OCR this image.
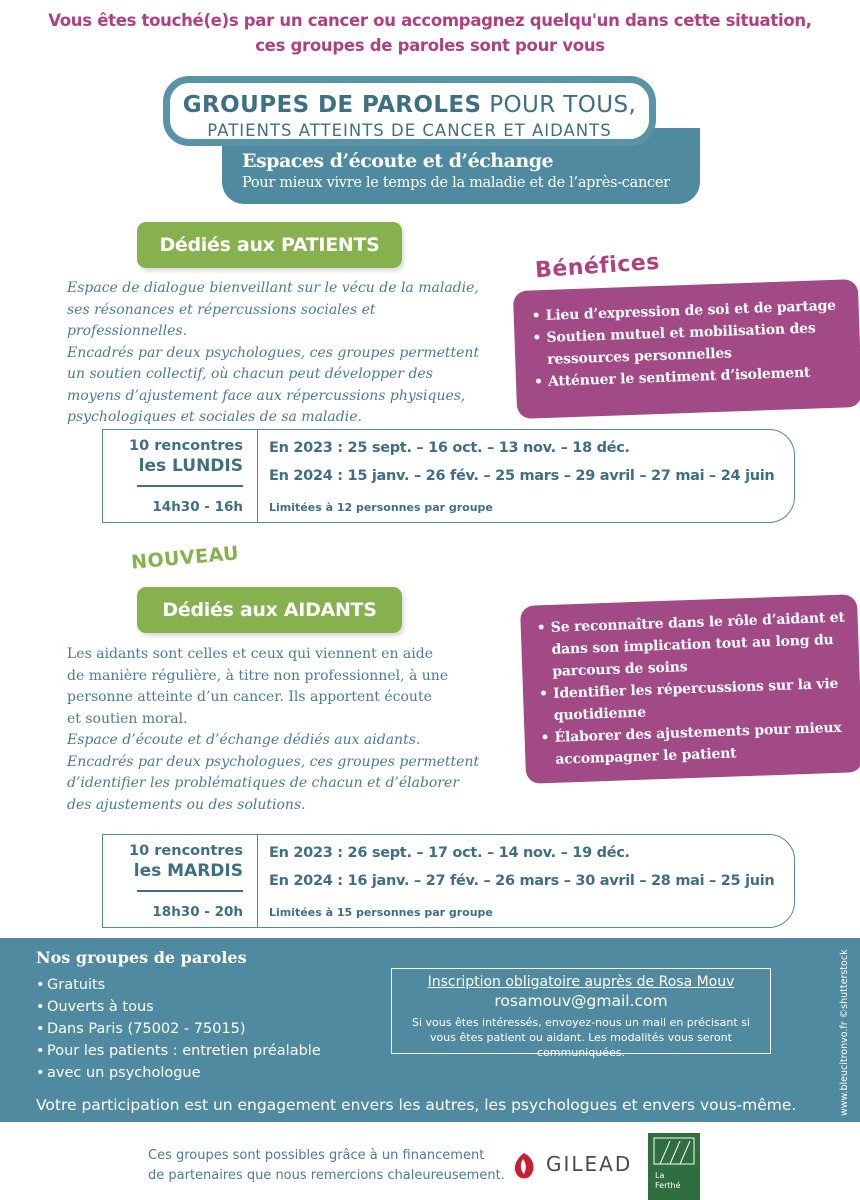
Vous êtes touché(e)s par un cancer ou accompagnez quelqu'un dans cette situation,
ces groupes de paroles sont pour vous
GROUPES DE PAROLES POUR TOUS,
PATIENTS ATTEINTS DE CANCER ET AIDANTS
Espaces d’écoute et d’échange
Pour mieux vivre le temps de la maladie et de l’après-cancer
Dédiés aux PATIENTS
Bénéfices

Espace de dialogue bienveillant sur le vécu de la maladie,

ses résonances et répercussions sociales et professionnelles.

Encadrés par deux psychologues, ces groupes permettent

un soutien collectif, où chacun peut développer des

moyens d’ajustement face aux répercussions physiques,

psychologiques et sociales de sa maladie.

• Lieu d’expression de soi et de partage
• Soutien mutuel et mobilisation des ressources personnelles
• Atténuer le sentiment d’isolement
10 rencontres
les LUNDIS
14h30 - 16h
En 2023 : 25 sept. – 16 oct. – 13 nov. – 18 déc.
En 2024 : 15 janv. – 26 fév. – 25 mars – 29 avril – 27 mai – 24 juin
Limitées à 12 personnes par groupe
NOUVEAU
Dédiés aux AIDANTS

Les aidants sont celles et ceux qui viennent en aide

de manière régulière, à titre non professionnel, à une

personne atteinte d’un cancer. Ils apportent écoute

et soutien moral.

Espace d’écoute et d’échange dédiés aux aidants.

Encadrés par deux psychologues, ces groupes permettent

d’identifier les problématiques de chacun et d’élaborer

des ajustements ou des solutions.

• Se reconnaître dans le rôle d’aidant et dans son implication tout au long du parcours de soins
• Identifier les répercussions sur la vie quotidienne
• Élaborer des ajustements pour mieux accompagner le patient
10 rencontres
les MARDIS
18h30 - 20h
En 2023 : 26 sept. – 17 oct. – 14 nov. – 19 déc.
En 2024 : 16 janv. – 27 fév. – 26 mars – 30 avril – 28 mai – 25 juin
Limitées à 15 personnes par groupe
Nos groupes de paroles
• Gratuits
• Ouverts à tous
• Dans Paris (75002 - 75015)
• Pour les patients : entretien préalable
• avec un psychologue
Inscription obligatoire auprès de Rosa Mouv
rosamouv@gmail.com
Si vous êtes intéressés, envoyez-nous un mail en précisant si vous êtes patient ou aidant. Les modalités vous seront communiquées.
Votre participation est un engagement envers les autres, les psychologues et envers vous-même.	www.bleucitronvo.fr ©shutterstock
Ces groupes sont possibles grâce à un financement
de partenaires que nous remercions chaleureusement. GILEAD	La
Ferthé
